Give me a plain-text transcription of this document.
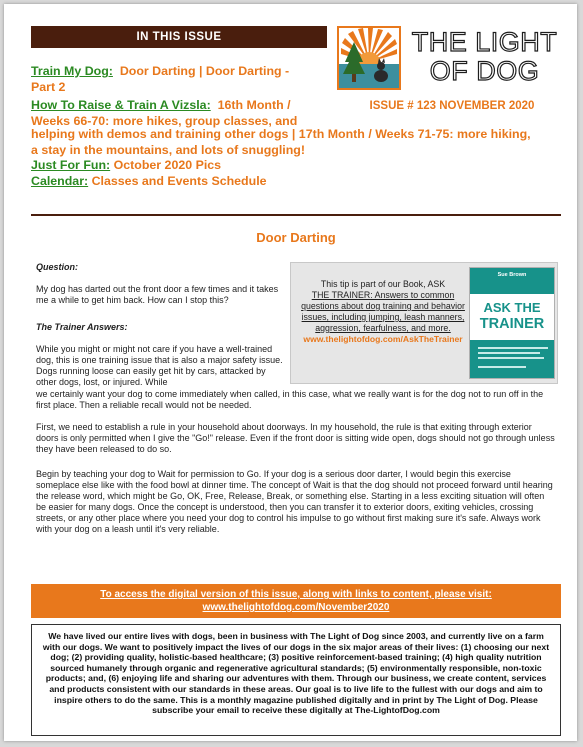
IN THIS ISSUE	THE LIGHT
OF DOG
ISSUE # 123 NOVEMBER 2020
Train My Dog: Door Darting | Door Darting -
Part 2
How To Raise & Train A Vizsla: 16th Month /
Weeks 66-70: more hikes, group classes, and
helping with demos and training other dogs | 17th Month / Weeks 71-75: more hiking,
a stay in the mountains, and lots of snuggling!
Just For Fun: October 2020 Pics
Calendar: Classes and Events Schedule
Door Darting
Question:
My dog has darted out the front door a few times and it takes me a while to get him back. How can I stop this?
The Trainer Answers:
While you might or might not care if you have a well-trained dog, this is one training issue that is also a major safety issue. Dogs running loose can easily get hit by cars, attacked by other dogs, lost, or injured. While
we certainly want your dog to come immediately when called, in this case, what we really want is for the dog not to run off in the first place. Then a reliable recall would not be needed.
First, we need to establish a rule in your household about doorways. In my household, the rule is that exiting through exterior doors is only permitted when I give the "Go!" release. Even if the front door is sitting wide open, dogs should not go through unless they have been released to do so.
Begin by teaching your dog to Wait for permission to Go. If your dog is a serious door darter, I would begin this exercise someplace else like with the food bowl at dinner time. The concept of Wait is that the dog should not proceed forward until hearing the release word, which might be Go, OK, Free, Release, Break, or something else. Starting in a less exciting situation will often be easier for many dogs. Once the concept is understood, then you can transfer it to exterior doors, exiting vehicles, crossing streets, or any other place where you need your dog to control his impulse to go without first making sure it's safe. Always work with your dog on a leash until it's very reliable.
This tip is part of our Book, ASK
THE TRAINER: Answers to common
questions about dog training and behavior
issues, including jumping, leash manners,
aggression, fearfulness, and more.
www.thelightofdog.com/AskTheTrainer
Sue Brown
ASK THE
TRAINER
To access the digital version of this issue, along with links to content, please visit:
www.thelightofdog.com/November2020
We have lived our entire lives with dogs, been in business with The Light of Dog since 2003, and currently live on a farm with our dogs. We want to positively impact the lives of our dogs in the six major areas of their lives: (1) choosing our next dog; (2) providing quality, holistic-based healthcare; (3) positive reinforcement-based training; (4) high quality nutrition sourced humanely through organic and regenerative agricultural standards; (5) environmentally responsible, non-toxic products; and, (6) enjoying life and sharing our adventures with them. Through our business, we create content, services and products consistent with our standards in these areas. Our goal is to live life to the fullest with our dogs and aim to inspire others to do the same. This is a monthly magazine published digitally and in print by The Light of Dog. Please subscribe your email to receive these digitally at The-LightofDog.com
